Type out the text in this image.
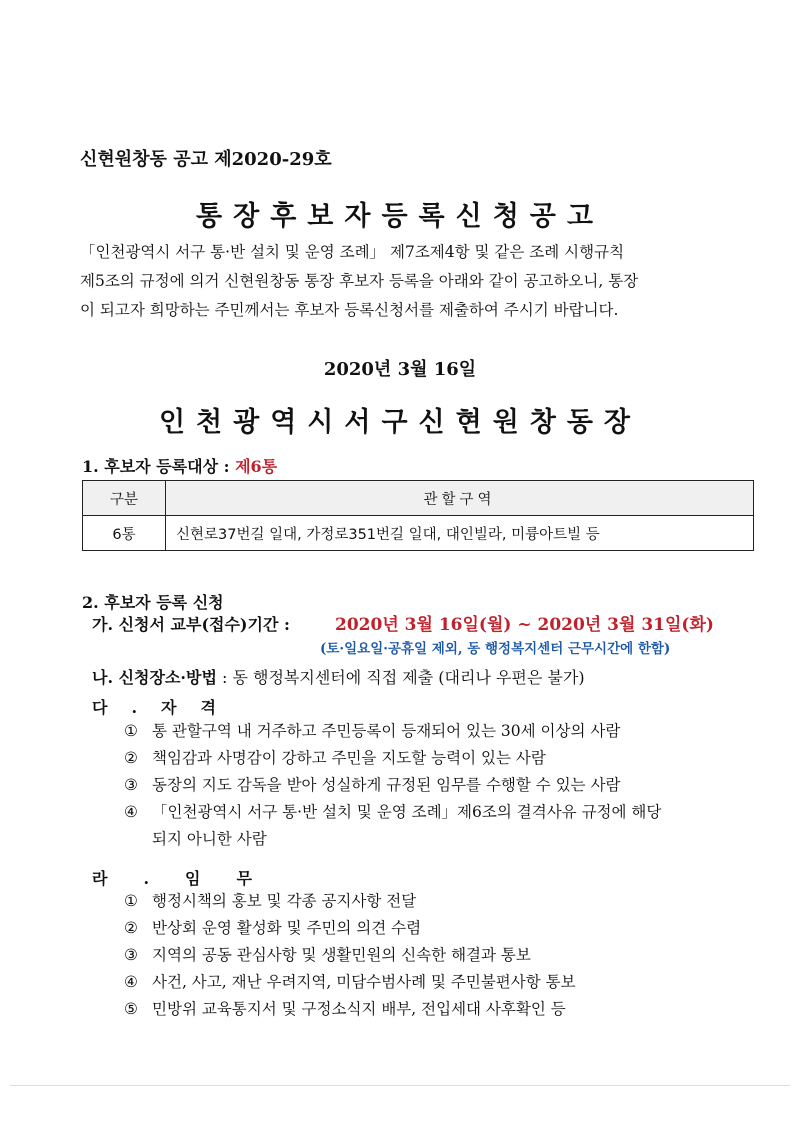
신현원창동 공고 제2020-29호
통장후보자등록신청공고

「인천광역시 서구 통·반 설치 및 운영 조례」 제7조제4항 및 같은 조례 시행규칙

제5조의 규정에 의거 신현원창동 통장 후보자 등록을 아래와 같이 공고하오니, 통장

이 되고자 희망하는 주민께서는 후보자 등록신청서를 제출하여 주시기 바랍니다.

2020년 3월 16일
인천광역시서구신현원창동장
1. 후보자 등록대상 : 제6통
구분	관할구역
6통	신현로37번길 일대, 가정로351번길 일대, 대인빌라, 미륭아트빌 등
2. 후보자 등록 신청
가. 신청서 교부(접수)기간 :	2020년 3월 16일(월) ~ 2020년 3월 31일(화)
(토·일요일·공휴일 제외, 동 행정복지센터 근무시간에 한함)
나. 신청장소·방법 : 동 행정복지센터에 직접 제출 (대리나 우편은 불가)
다.자격
① 통 관할구역 내 거주하고 주민등록이 등재되어 있는 30세 이상의 사람
② 책임감과 사명감이 강하고 주민을 지도할 능력이 있는 사람
③ 동장의 지도 감독을 받아 성실하게 규정된 임무를 수행할 수 있는 사람
④ 「인천광역시 서구 통·반 설치 및 운영 조례」제6조의 결격사유 규정에 해당
되지 아니한 사람
라.임무
① 행정시책의 홍보 및 각종 공지사항 전달
② 반상회 운영 활성화 및 주민의 의견 수렴
③ 지역의 공동 관심사항 및 생활민원의 신속한 해결과 통보
④ 사건, 사고, 재난 우려지역, 미담수범사례 및 주민불편사항 통보
⑤ 민방위 교육통지서 및 구정소식지 배부, 전입세대 사후확인 등
